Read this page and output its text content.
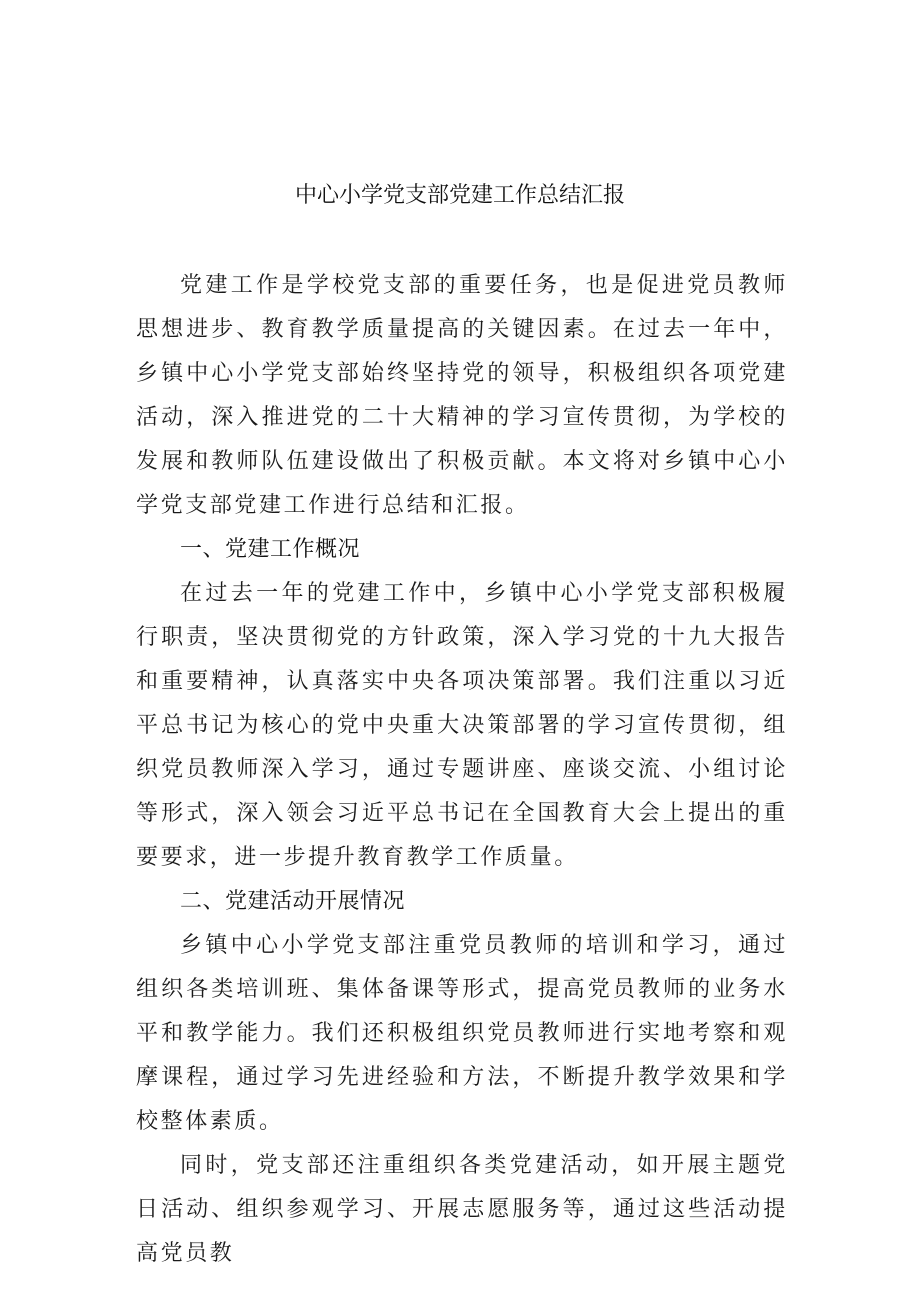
中心小学党支部党建工作总结汇报

党建工作是学校党支部的重要任务，也是促进党员教师思想进步、教育教学质量提高的关键因素。在过去一年中，乡镇中心小学党支部始终坚持党的领导，积极组织各项党建活动，深入推进党的二十大精神的学习宣传贯彻，为学校的发展和教师队伍建设做出了积极贡献。本文将对乡镇中心小学党支部党建工作进行总结和汇报。

一、党建工作概况

在过去一年的党建工作中，乡镇中心小学党支部积极履行职责，坚决贯彻党的方针政策，深入学习党的十九大报告和重要精神，认真落实中央各项决策部署。我们注重以习近平总书记为核心的党中央重大决策部署的学习宣传贯彻，组织党员教师深入学习，通过专题讲座、座谈交流、小组讨论等形式，深入领会习近平总书记在全国教育大会上提出的重要要求，进一步提升教育教学工作质量。

二、党建活动开展情况

乡镇中心小学党支部注重党员教师的培训和学习，通过组织各类培训班、集体备课等形式，提高党员教师的业务水平和教学能力。我们还积极组织党员教师进行实地考察和观摩课程，通过学习先进经验和方法，不断提升教学效果和学校整体素质。

同时，党支部还注重组织各类党建活动，如开展主题党日活动、组织参观学习、开展志愿服务等，通过这些活动提高党员教
